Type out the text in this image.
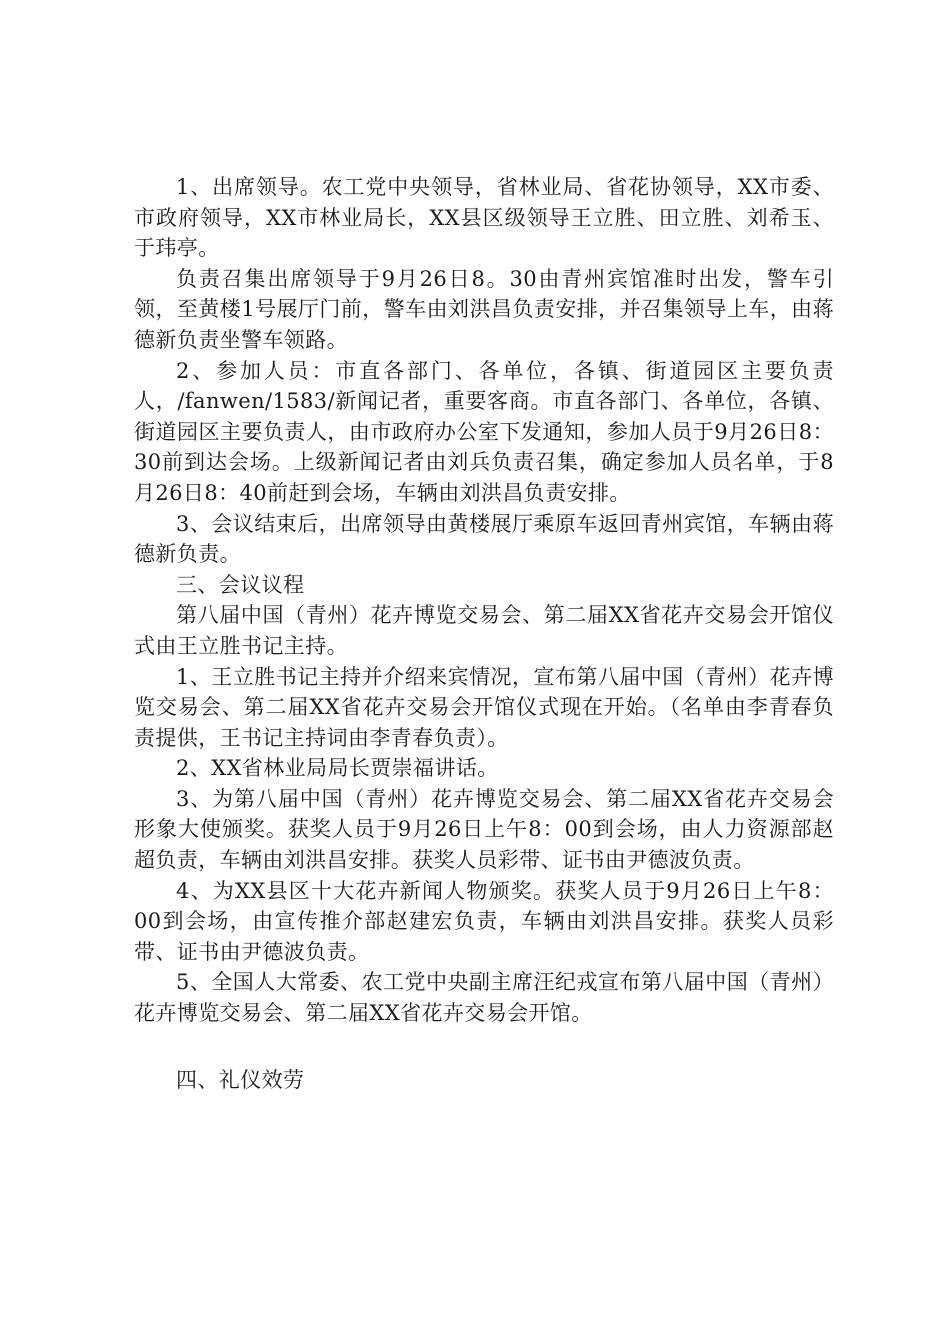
1、出席领导。农工党中央领导，省林业局、省花协领导，XX市委、市政府领导，XX市林业局长，XX县区级领导王立胜、田立胜、刘希玉、于玮亭。

负责召集出席领导于9月26日8。30由青州宾馆准时出发，警车引领，至黄楼1号展厅门前，警车由刘洪昌负责安排，并召集领导上车，由蒋德新负责坐警车领路。

2、参加人员：市直各部门、各单位，各镇、街道园区主要负责人，/fanwen/1583/新闻记者，重要客商。市直各部门、各单位，各镇、街道园区主要负责人，由市政府办公室下发通知，参加人员于9月26日8：30前到达会场。上级新闻记者由刘兵负责召集，确定参加人员名单，于8月26日8：40前赶到会场，车辆由刘洪昌负责安排。

3、会议结束后，出席领导由黄楼展厅乘原车返回青州宾馆，车辆由蒋德新负责。

三、会议议程

第八届中国（青州）花卉博览交易会、第二届XX省花卉交易会开馆仪式由王立胜书记主持。

1、王立胜书记主持并介绍来宾情况，宣布第八届中国（青州）花卉博览交易会、第二届XX省花卉交易会开馆仪式现在开始。（名单由李青春负责提供，王书记主持词由李青春负责）。

2、XX省林业局局长贾崇福讲话。

3、为第八届中国（青州）花卉博览交易会、第二届XX省花卉交易会形象大使颁奖。获奖人员于9月26日上午8：00到会场，由人力资源部赵超负责，车辆由刘洪昌安排。获奖人员彩带、证书由尹德波负责。

4、为XX县区十大花卉新闻人物颁奖。获奖人员于9月26日上午8：00到会场，由宣传推介部赵建宏负责，车辆由刘洪昌安排。获奖人员彩带、证书由尹德波负责。

5、全国人大常委、农工党中央副主席汪纪戎宣布第八届中国（青州）花卉博览交易会、第二届XX省花卉交易会开馆。

四、礼仪效劳
